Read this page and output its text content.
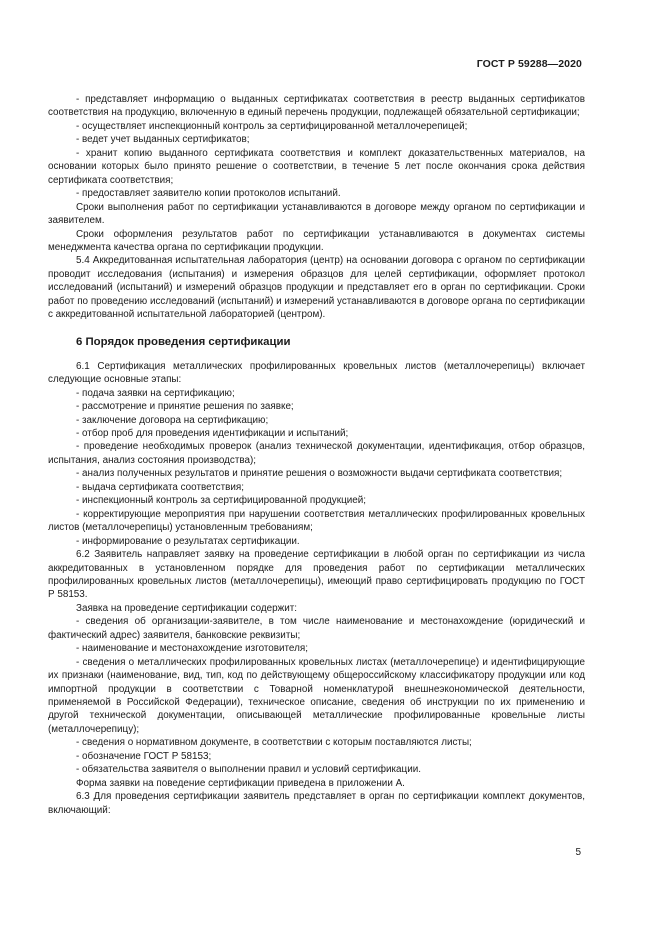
ГОСТ Р 59288—2020

- представляет информацию о выданных сертификатах соответствия в реестр выданных сертификатов соответствия на продукцию, включенную в единый перечень продукции, подлежащей обязательной сертификации;

- осуществляет инспекционный контроль за сертифицированной металлочерепицей;

- ведет учет выданных сертификатов;

- хранит копию выданного сертификата соответствия и комплект доказательственных материалов, на основании которых было принято решение о соответствии, в течение 5 лет после окончания срока действия сертификата соответствия;

- предоставляет заявителю копии протоколов испытаний.

Сроки выполнения работ по сертификации устанавливаются в договоре между органом по сертификации и заявителем.

Сроки оформления результатов работ по сертификации устанавливаются в документах системы менеджмента качества органа по сертификации продукции.

5.4 Аккредитованная испытательная лаборатория (центр) на основании договора с органом по сертификации проводит исследования (испытания) и измерения образцов для целей сертификации, оформляет протокол исследований (испытаний) и измерений образцов продукции и представляет его в орган по сертификации. Сроки работ по проведению исследований (испытаний) и измерений устанавливаются в договоре органа по сертификации с аккредитованной испытательной лабораторией (центром).

6 Порядок проведения сертификации

6.1 Сертификация металлических профилированных кровельных листов (металлочерепицы) включает следующие основные этапы:

- подача заявки на сертификацию;

- рассмотрение и принятие решения по заявке;

- заключение договора на сертификацию;

- отбор проб для проведения идентификации и испытаний;

- проведение необходимых проверок (анализ технической документации, идентификация, отбор образцов, испытания, анализ состояния производства);

- анализ полученных результатов и принятие решения о возможности выдачи сертификата соответствия;

- выдача сертификата соответствия;

- инспекционный контроль за сертифицированной продукцией;

- корректирующие мероприятия при нарушении соответствия металлических профилированных кровельных листов (металлочерепицы) установленным требованиям;

- информирование о результатах сертификации.

6.2 Заявитель направляет заявку на проведение сертификации в любой орган по сертификации из числа аккредитованных в установленном порядке для проведения работ по сертификации металлических профилированных кровельных листов (металлочерепицы), имеющий право сертифицировать продукцию по ГОСТ Р 58153.

Заявка на проведение сертификации содержит:

- сведения об организации-заявителе, в том числе наименование и местонахождение (юридический и фактический адрес) заявителя, банковские реквизиты;

- наименование и местонахождение изготовителя;

- сведения о металлических профилированных кровельных листах (металлочерепице) и идентифицирующие их признаки (наименование, вид, тип, код по действующему общероссийскому классификатору продукции или код импортной продукции в соответствии с Товарной номенклатурой внешнеэкономической деятельности, применяемой в Российской Федерации), техническое описание, сведения об инструкции по их применению и другой технической документации, описывающей металлические профилированные кровельные листы (металлочерепицу);

- сведения о нормативном документе, в соответствии с которым поставляются листы;

- обозначение ГОСТ Р 58153;

- обязательства заявителя о выполнении правил и условий сертификации.

Форма заявки на поведение сертификации приведена в приложении А.

6.3 Для проведения сертификации заявитель представляет в орган по сертификации комплект документов, включающий:

5
